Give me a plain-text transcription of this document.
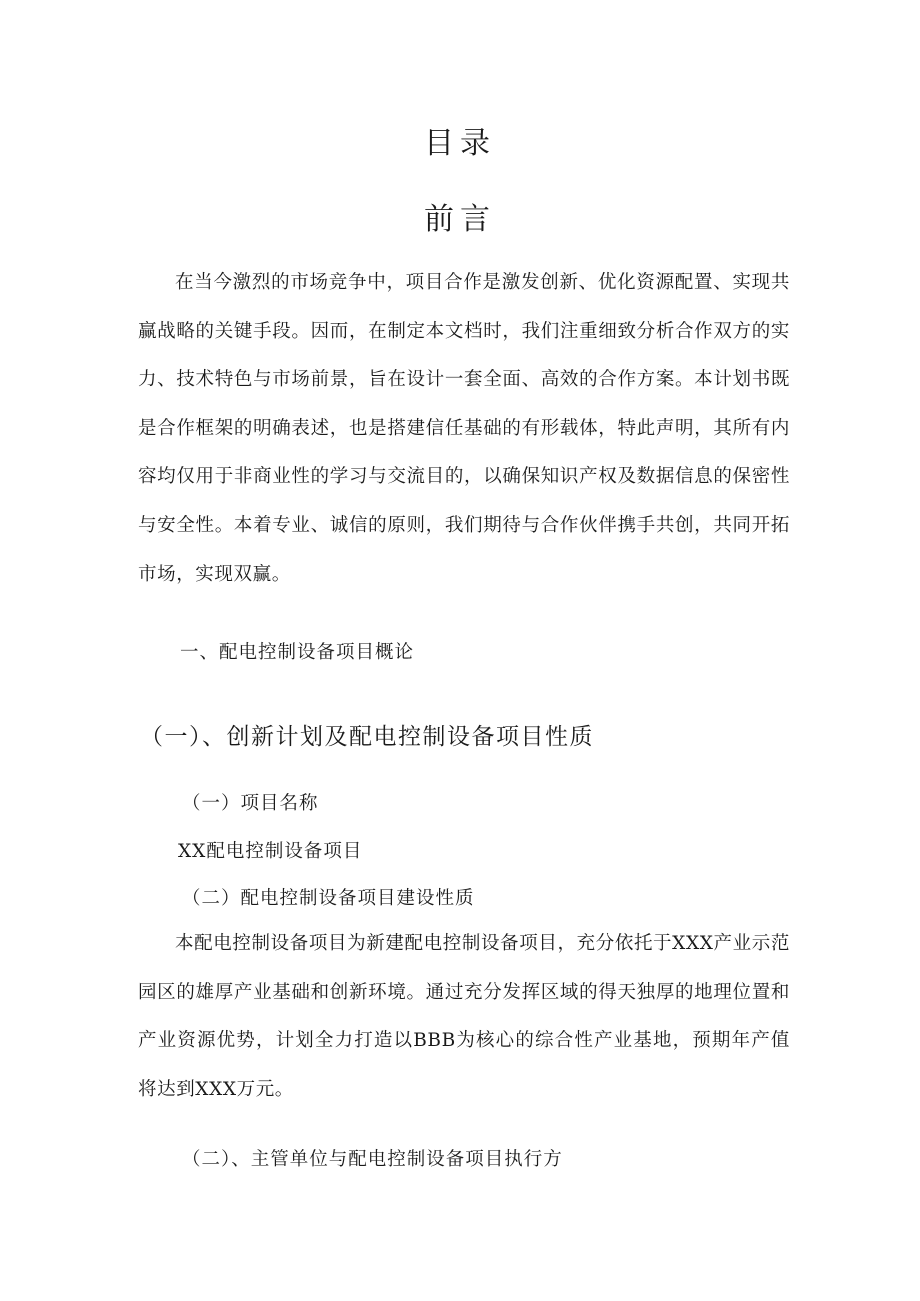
目录
前言

在当今激烈的市场竞争中，项目合作是激发创新、优化资源配置、实现共赢战略的关键手段。因而，在制定本文档时，我们注重细致分析合作双方的实力、技术特色与市场前景，旨在设计一套全面、高效的合作方案。本计划书既是合作框架的明确表述，也是搭建信任基础的有形载体，特此声明，其所有内容均仅用于非商业性的学习与交流目的，以确保知识产权及数据信息的保密性与安全性。本着专业、诚信的原则，我们期待与合作伙伴携手共创，共同开拓市场，实现双赢。

一、配电控制设备项目概论
（一）、创新计划及配电控制设备项目性质
（一）项目名称
XX配电控制设备项目
（二）配电控制设备项目建设性质

本配电控制设备项目为新建配电控制设备项目，充分依托于XXX产业示范园区的雄厚产业基础和创新环境。通过充分发挥区域的得天独厚的地理位置和产业资源优势，计划全力打造以BBB为核心的综合性产业基地，预期年产值将达到XXX万元。

（二）、主管单位与配电控制设备项目执行方
